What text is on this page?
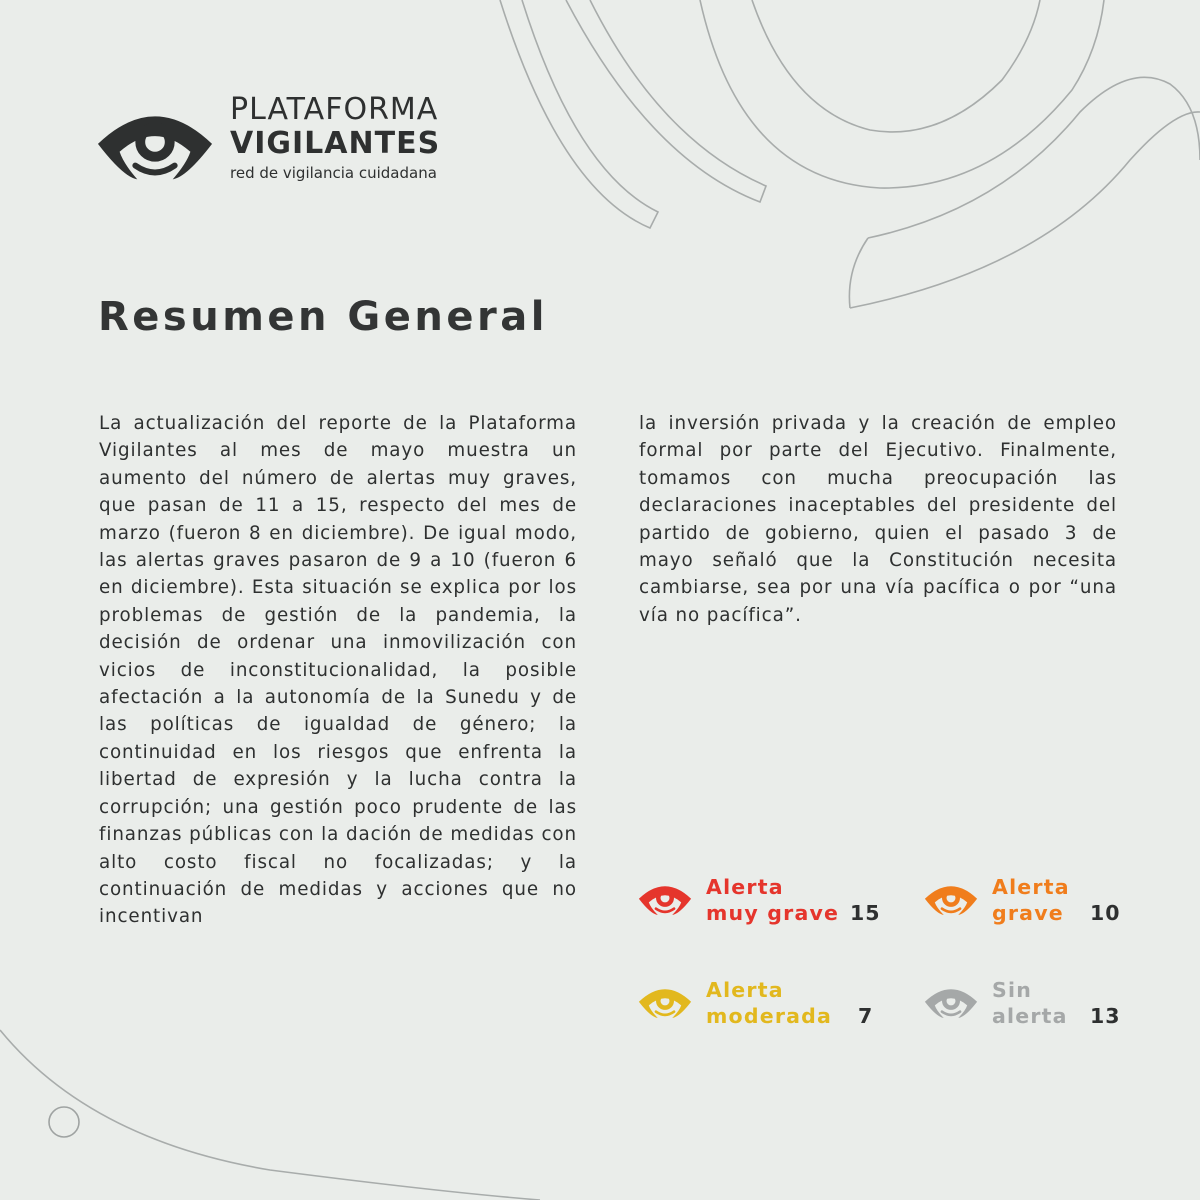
PLATAFORMA
VIGILANTES
red de vigilancia cuidadana
Resumen General

La actualización del reporte de la Plataforma Vigilantes al mes de mayo muestra un aumento del número de alertas muy graves, que pasan de 11 a 15, respecto del mes de marzo (fueron 8 en diciembre). De igual modo, las alertas graves pasaron de 9 a 10 (fueron 6 en diciembre). Esta situación se explica por los problemas de gestión de la pandemia, la decisión de ordenar una inmovilización con vicios de inconstitucionalidad, la posible afectación a la autonomía de la Sunedu y de las políticas de igualdad de género; la continuidad en los riesgos que enfrenta la libertad de expresión y la lucha contra la corrupción; una gestión poco prudente de las finanzas públicas con la dación de medidas con alto costo fiscal no focalizadas; y la continuación de medidas y acciones que no incentivan

la inversión privada y la creación de empleo formal por parte del Ejecutivo. Finalmente, tomamos con mucha preocupación las declaraciones inaceptables del presidente del partido de gobierno, quien el pasado 3 de mayo señaló que la Constitución necesita cambiarse, sea por una vía pacífica o por “una vía no pacífica”.

Alerta
muy grave 15
Alerta
grave 10
Alerta
moderada 7
Sin
alerta 13
